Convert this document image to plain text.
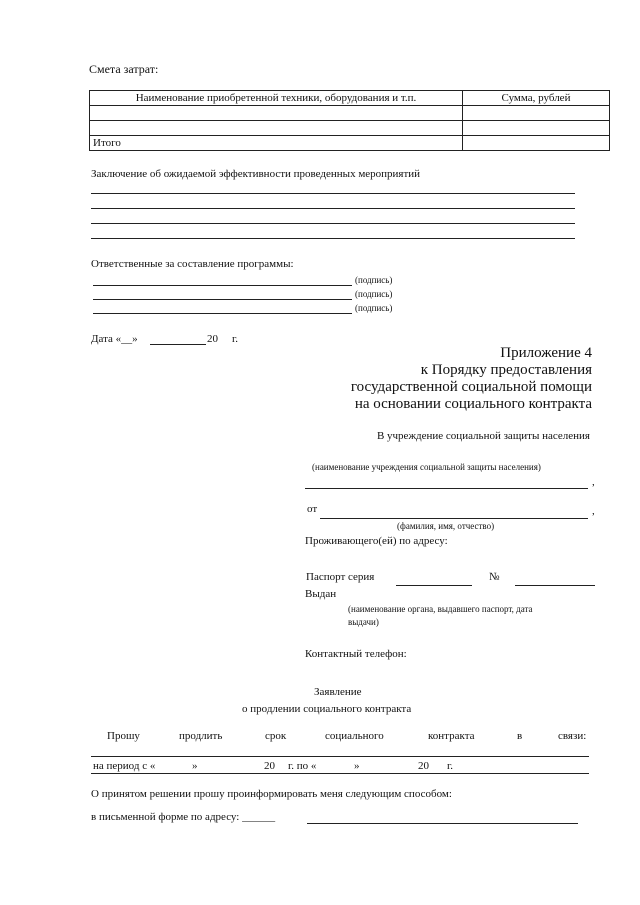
Смета затрат:
Наименование приобретенной техники, оборудования и т.п.	Сумма, рублей

Итого	
Заключение об ожидаемой эффективности проведенных мероприятий
Ответственные за составление программы:
(подпись)
(подпись)
(подпись)
Дата «__»	20 г.
Приложение 4
к Порядку предоставления
государственной социальной помощи
на основании социального контракта
В учреждение социальной защиты населения
(наименование учреждения социальной защиты населения)
,
от	,
(фамилия, имя, отчество)
Проживающего(ей) по адресу:
Паспорт серия	№
Выдан
(наименование органа, выдавшего паспорт, дата
выдачи)
Контактный телефон:
Заявление
о продлении социального контракта
Прошу	продлить	срок	социального	контракта	в	связи:
на период с «	»	20 г. по «	»	20 г.
О принятом решении прошу проинформировать меня следующим способом:
в письменной форме по адресу: ______
